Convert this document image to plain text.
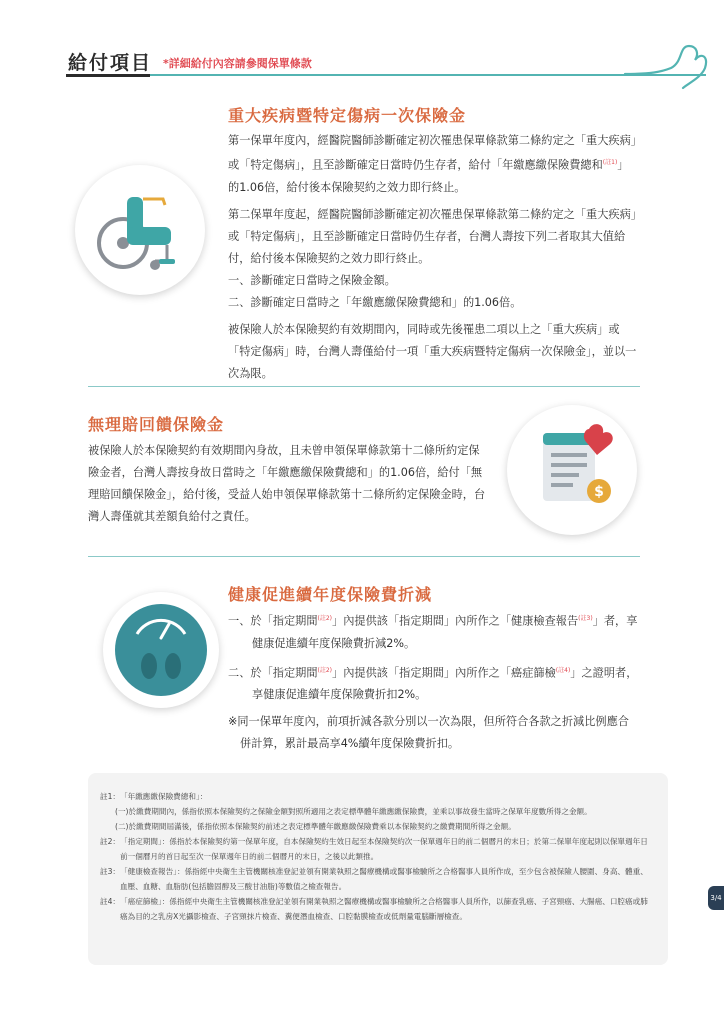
給付項目 *詳細給付內容請參閱保單條款
重大疾病暨特定傷病一次保險金

第一保單年度內，經醫院醫師診斷確定初次罹患保單條款第二條約定之「重大疾病」或「特定傷病」，且至診斷確定日當時仍生存者，給付「年繳應繳保險費總和$^{(註1)}$」的1.06倍，給付後本保險契約之效力即行終止。

第二保單年度起，經醫院醫師診斷確定初次罹患保單條款第二條約定之「重大疾病」或「特定傷病」，且至診斷確定日當時仍生存者，台灣人壽按下列二者取其大值給付，給付後本保險契約之效力即行終止。

一、診斷確定日當時之保險金額。

二、診斷確定日當時之「年繳應繳保險費總和」的1.06倍。

被保險人於本保險契約有效期間內，同時或先後罹患二項以上之「重大疾病」或「特定傷病」時，台灣人壽僅給付一項「重大疾病暨特定傷病一次保險金」，並以一次為限。

無理賠回饋保險金

被保險人於本保險契約有效期間內身故，且未曾申領保單條款第十二條所約定保險金者，台灣人壽按身故日當時之「年繳應繳保險費總和」的1.06倍，給付「無理賠回饋保險金」，給付後，受益人始申領保單條款第十二條所約定保險金時，台灣人壽僅就其差額負給付之責任。

$
健康促進續年度保險費折減

一、於「指定期間$^{(註2)}$」內提供該「指定期間」內所作之「健康檢查報告$^{(註3)}$」者，享健康促進續年度保險費折減2%。

二、於「指定期間$^{(註2)}$」內提供該「指定期間」內所作之「癌症篩檢$^{(註4)}$」之證明者，享健康促進續年度保險費折扣2%。

※同一保單年度內，前項折減各款分別以一次為限，但所符合各款之折減比例應合併計算，累計最高享4%續年度保險費折扣。

註1： 「年繳應繳保險費總和」：
(一)於繳費期間內，係指依照本保險契約之保險金額對照所適用之表定標準體年繳應繳保險費，並乘以事故發生當時之保單年度數所得之金額。
(二)於繳費期間屆滿後，係指依照本保險契約前述之表定標準體年繳應繳保險費乘以本保險契約之繳費期間所得之金額。
註2： 「指定期間」：係指於本保險契約第一保單年度，自本保險契約生效日起至本保險契約次一保單週年日的前二個曆月的末日；於第二保單年度起則以保單週年日前一個曆月的首日起至次一保單週年日的前二個曆月的末日，之後以此類推。
註3： 「健康檢查報告」：係指經中央衛生主管機關核准登記並領有開業執照之醫療機構或醫事檢驗所之合格醫事人員所作成，至少包含被保險人腰圍、身高、體重、血壓、血糖、血脂肪(包括膽固醇及三酸甘油脂)等數值之檢查報告。
註4： 「癌症篩檢」：係指經中央衛生主管機關核准登記並領有開業執照之醫療機構或醫事檢驗所之合格醫事人員所作，以篩查乳癌、子宮頸癌、大腸癌、口腔癌或肺癌為目的之乳房X光攝影檢查、子宮頸抹片檢查、糞便潛血檢查、口腔黏膜檢查或低劑量電腦斷層檢查。
3/4
